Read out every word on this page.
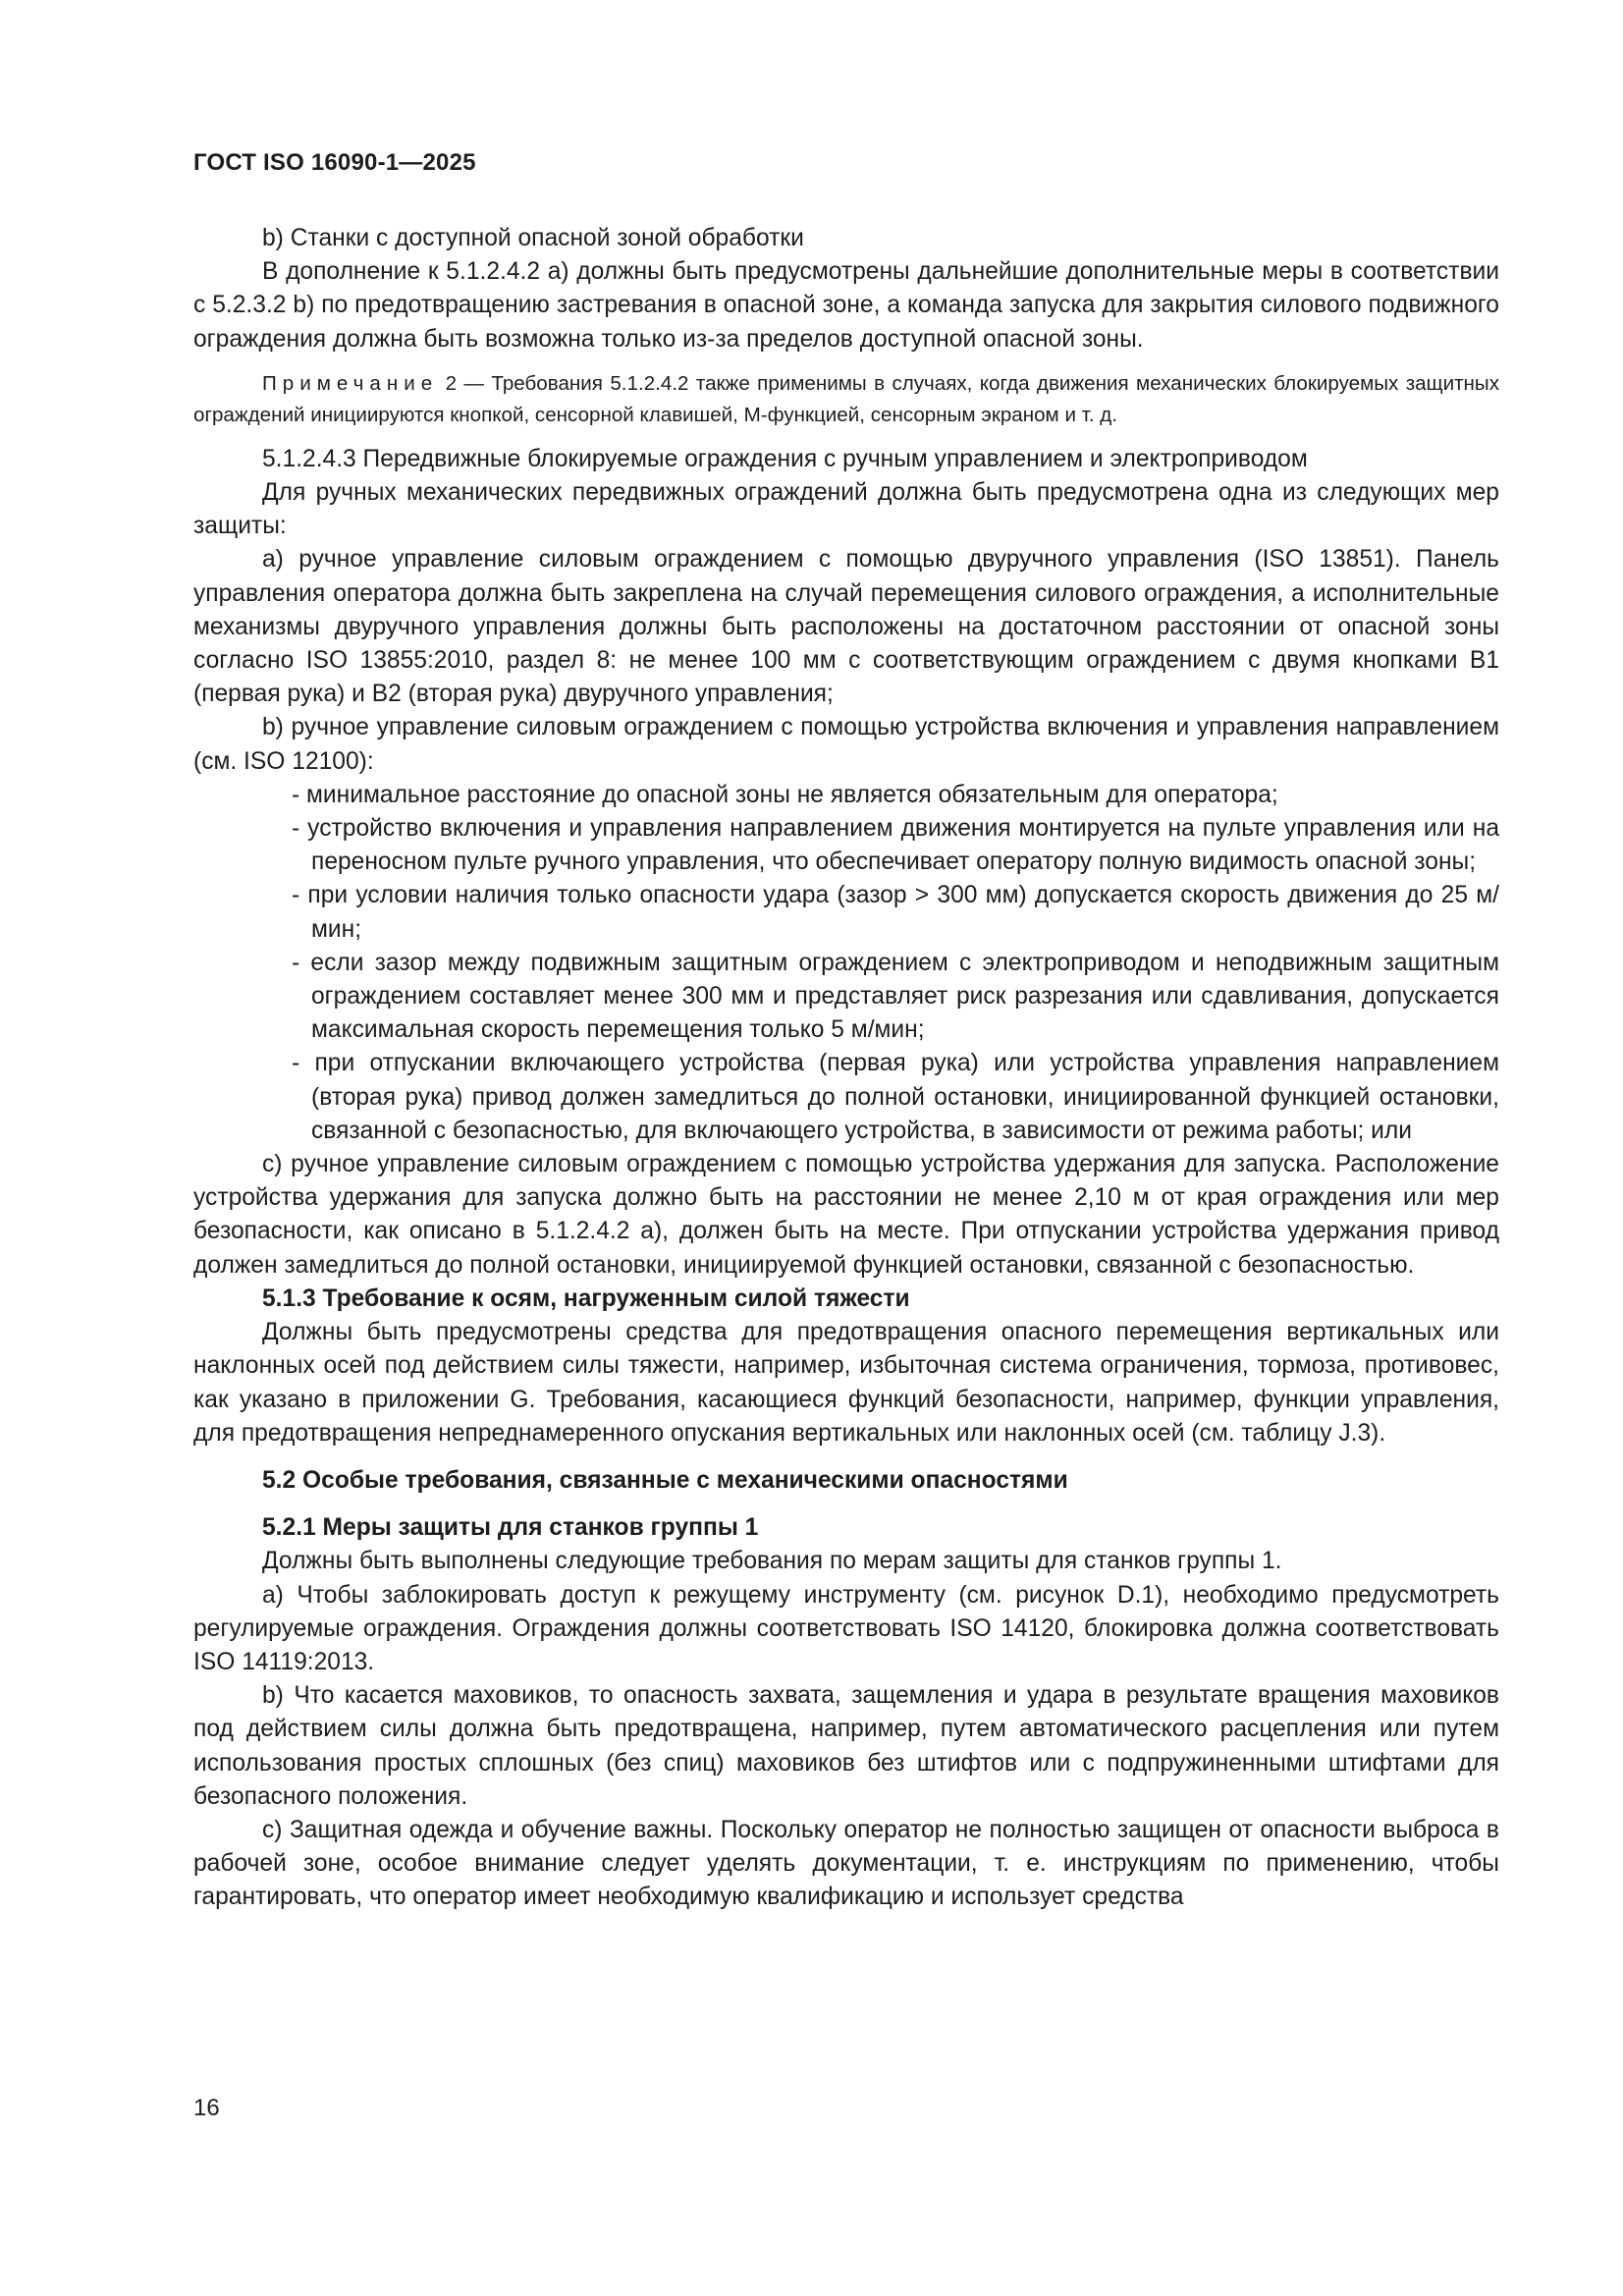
ГОСТ ISO 16090-1—2025

b) Станки с доступной опасной зоной обработки

В дополнение к 5.1.2.4.2 а) должны быть предусмотрены дальнейшие дополнительные меры в соответствии с 5.2.3.2 b) по предотвращению застревания в опасной зоне, а команда запуска для закрытия силового подвижного ограждения должна быть возможна только из-за пределов доступной опасной зоны.

Примечание 2 — Требования 5.1.2.4.2 также применимы в случаях, когда движения механических блокируемых защитных ограждений инициируются кнопкой, сенсорной клавишей, М-функцией, сенсорным экраном и т. д.

5.1.2.4.3 Передвижные блокируемые ограждения с ручным управлением и электроприводом

Для ручных механических передвижных ограждений должна быть предусмотрена одна из следующих мер защиты:

а) ручное управление силовым ограждением с помощью двуручного управления (ISO 13851). Панель управления оператора должна быть закреплена на случай перемещения силового ограждения, а исполнительные механизмы двуручного управления должны быть расположены на достаточном расстоянии от опасной зоны согласно ISO 13855:2010, раздел 8: не менее 100 мм с соответствующим ограждением с двумя кнопками В1 (первая рука) и В2 (вторая рука) двуручного управления;

b) ручное управление силовым ограждением с помощью устройства включения и управления направлением (см. ISO 12100):

- минимальное расстояние до опасной зоны не является обязательным для оператора;

- устройство включения и управления направлением движения монтируется на пульте управления или на переносном пульте ручного управления, что обеспечивает оператору полную видимость опасной зоны;

- при условии наличия только опасности удара (зазор > 300 мм) допускается скорость движения до 25 м/мин;

- если зазор между подвижным защитным ограждением с электроприводом и неподвижным защитным ограждением составляет менее 300 мм и представляет риск разрезания или сдавливания, допускается максимальная скорость перемещения только 5 м/мин;

- при отпускании включающего устройства (первая рука) или устройства управления направлением (вторая рука) привод должен замедлиться до полной остановки, инициированной функцией остановки, связанной с безопасностью, для включающего устройства, в зависимости от режима работы; или

с) ручное управление силовым ограждением с помощью устройства удержания для запуска. Расположение устройства удержания для запуска должно быть на расстоянии не менее 2,10 м от края ограждения или мер безопасности, как описано в 5.1.2.4.2 а), должен быть на месте. При отпускании устройства удержания привод должен замедлиться до полной остановки, инициируемой функцией остановки, связанной с безопасностью.

5.1.3 Требование к осям, нагруженным силой тяжести

Должны быть предусмотрены средства для предотвращения опасного перемещения вертикальных или наклонных осей под действием силы тяжести, например, избыточная система ограничения, тормоза, противовес, как указано в приложении G. Требования, касающиеся функций безопасности, например, функции управления, для предотвращения непреднамеренного опускания вертикальных или наклонных осей (см. таблицу J.3).

5.2 Особые требования, связанные с механическими опасностями

5.2.1 Меры защиты для станков группы 1

Должны быть выполнены следующие требования по мерам защиты для станков группы 1.

а) Чтобы заблокировать доступ к режущему инструменту (см. рисунок D.1), необходимо предусмотреть регулируемые ограждения. Ограждения должны соответствовать ISO 14120, блокировка должна соответствовать ISO 14119:2013.

b) Что касается маховиков, то опасность захвата, защемления и удара в результате вращения маховиков под действием силы должна быть предотвращена, например, путем автоматического расцепления или путем использования простых сплошных (без спиц) маховиков без штифтов или с подпружиненными штифтами для безопасного положения.

с) Защитная одежда и обучение важны. Поскольку оператор не полностью защищен от опасности выброса в рабочей зоне, особое внимание следует уделять документации, т. е. инструкциям по применению, чтобы гарантировать, что оператор имеет необходимую квалификацию и использует средства

16
